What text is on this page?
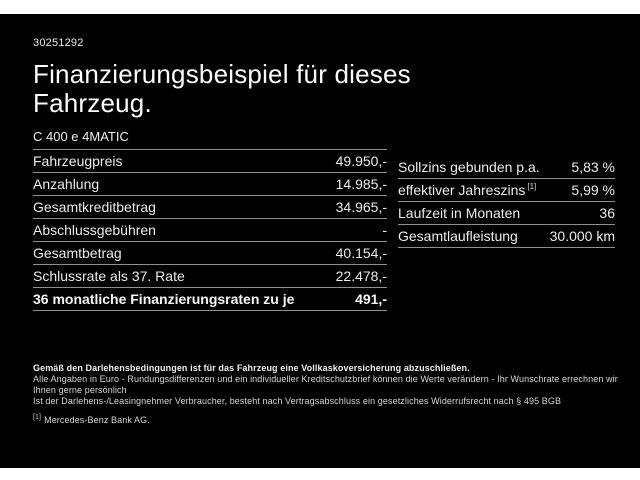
30251292
Finanzierungsbeispiel für dieses Fahrzeug.
C 400 e 4MATIC
Fahrzeugpreis	49.950,-
Anzahlung	14.985,-
Gesamtkreditbetrag	34.965,-
Abschlussgebühren	-
Gesamtbetrag	40.154,-
Schlussrate als 37. Rate	22.478,-
36 monatliche Finanzierungsraten zu je	491,-
Sollzins gebunden p.a. 5,83 %
effektiver Jahreszins [1]	5,99 %
Laufzeit in Monaten	36
Gesamtlaufleistung 30.000 km
Gemäß den Darlehensbedingungen ist für das Fahrzeug eine Vollkaskoversicherung abzuschließen.
Alle Angaben in Euro - Rundungsdifferenzen und ein individueller Kreditschutzbrief können die Werte verändern - Ihr Wunschrate errechnen wir Ihnen gerne persönlich
Ist der Darlehens-/Leasingnehmer Verbraucher, besteht nach Vertragsabschluss ein gesetzliches Widerrufsrecht nach § 495 BGB
[1] Mercedes-Benz Bank AG.
